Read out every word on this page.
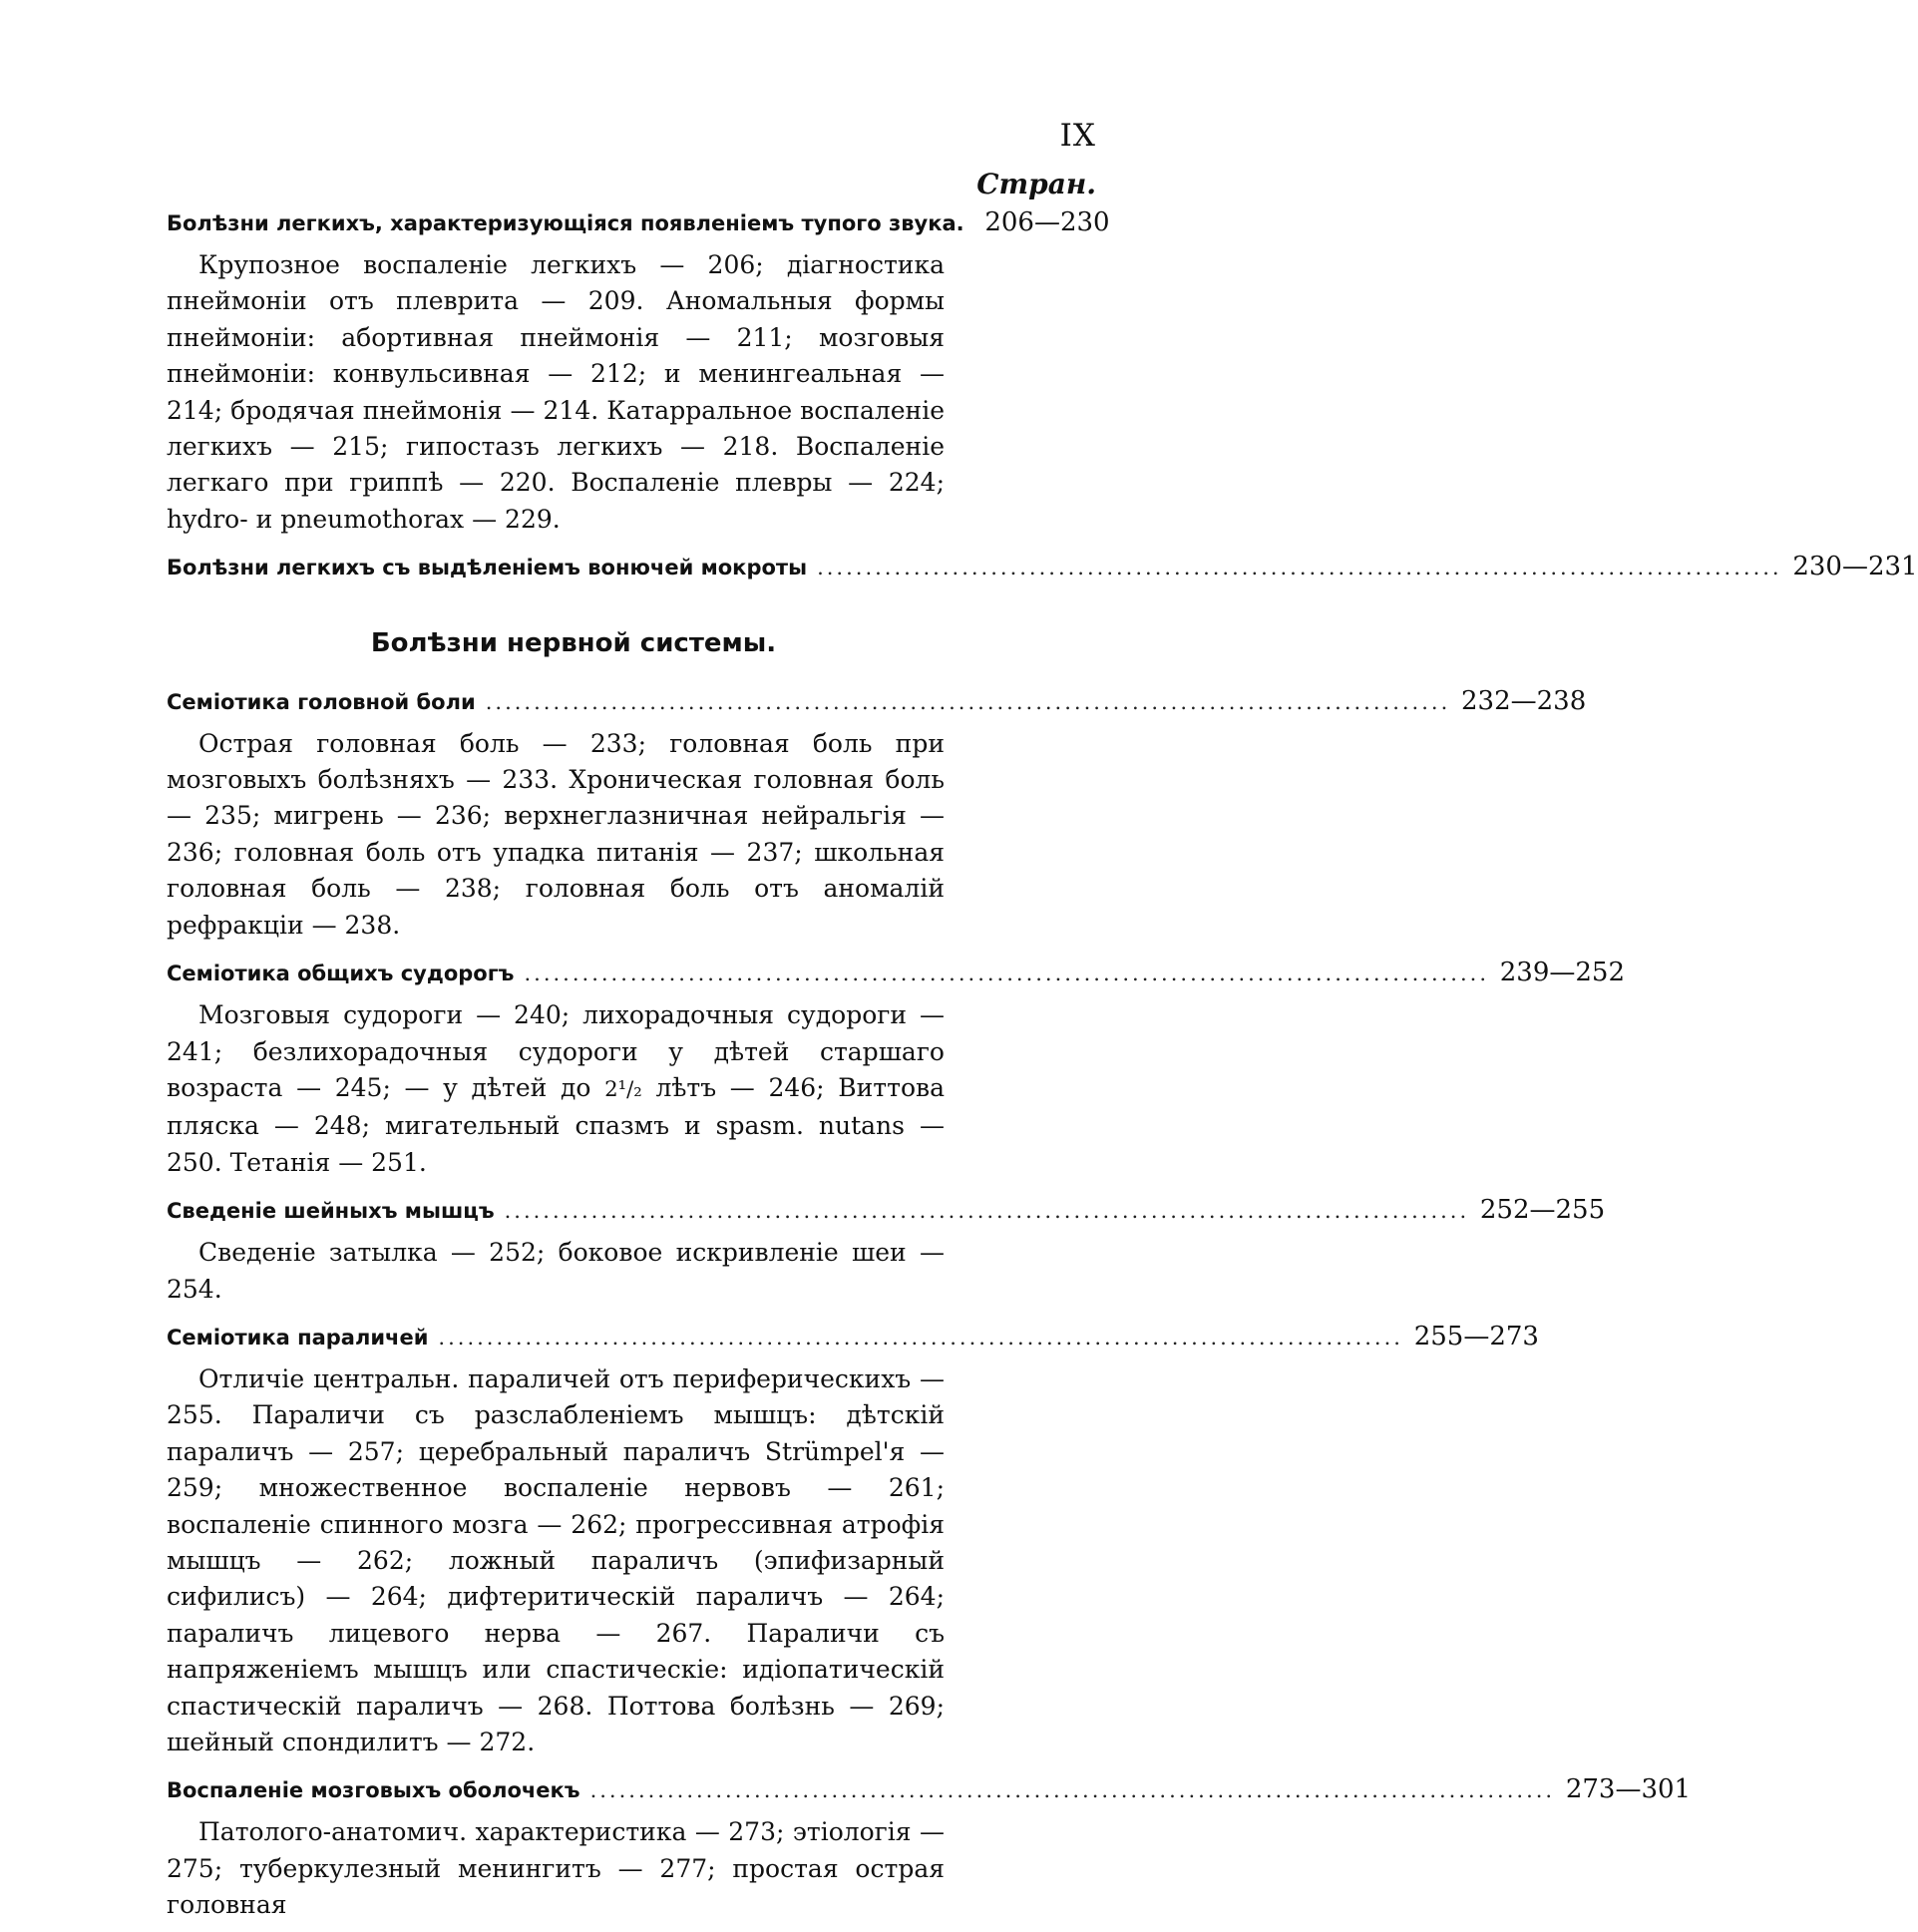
IX
Стран.
Болѣзни легкихъ, характеризующіяся появленіемъ тупого звука. 206—230
Крупозное воспаленіе легкихъ — 206; діагностика пнеймоніи отъ плеврита — 209. Аномальныя формы пнеймоніи: абортивная пнеймонія — 211; мозговыя пнеймоніи: конвульсивная — 212; и менингеальная — 214; бродячая пнеймонія — 214. Катарральное воспаленіе легкихъ — 215; гипостазъ легкихъ — 218. Воспаленіе легкаго при гриппѣ — 220. Воспаленіе плевры — 224; hydro- и pneumothorax — 229.
Болѣзни легкихъ съ выдѣленіемъ вонючей мокроты .................................................................................................... 230—231
Болѣзни нервной системы.
Семіотика головной боли .................................................................................................... 232—238
Острая головная боль — 233; головная боль при мозговыхъ болѣзняхъ — 233. Хроническая головная боль — 235; мигрень — 236; верхнеглазничная нейральгія — 236; головная боль отъ упадка питанія — 237; школьная головная боль — 238; головная боль отъ аномалій рефракціи — 238.
Семіотика общихъ судорогъ .................................................................................................... 239—252
Мозговыя судороги — 240; лихорадочныя судороги — 241; безлихорадочныя судороги у дѣтей старшаго возраста — 245; — у дѣтей до 2¹/₂ лѣтъ — 246; Виттова пляска — 248; мигательный спазмъ и spasm. nutans — 250. Тетанія — 251.
Сведеніе шейныхъ мышцъ .................................................................................................... 252—255
Сведеніе затылка — 252; боковое искривленіе шеи — 254.
Семіотика параличей .................................................................................................... 255—273
Отличіе центральн. параличей отъ периферическихъ — 255. Параличи съ разслабленіемъ мышцъ: дѣтскій параличъ — 257; церебральный параличъ Strümpel'я — 259; множественное воспаленіе нервовъ — 261; воспаленіе спинного мозга — 262; прогрессивная атрофія мышцъ — 262; ложный параличъ (эпифизарный сифилисъ) — 264; дифтеритическій параличъ — 264; параличъ лицевого нерва — 267. Параличи съ напряженіемъ мышцъ или спастическіе: идіопатическій спастическій параличъ — 268. Поттова болѣзнь — 269; шейный спондилитъ — 272.
Воспаленіе мозговыхъ оболочекъ .................................................................................................... 273—301
Патолого-анатомич. характеристика — 273; этіологія — 275; туберкулезный менингитъ — 277; простая острая головная
